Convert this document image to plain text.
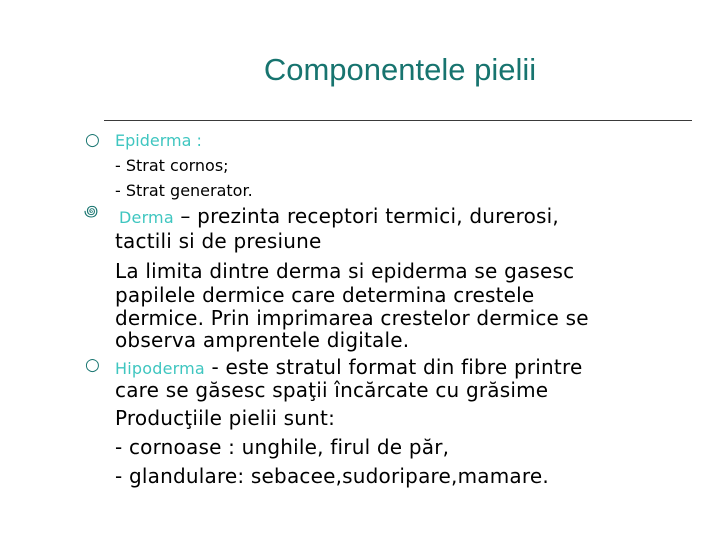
Componentele pielii
○ Epiderma :
- Strat cornos;
- Strat generator.
꩜ Derma – prezinta receptori termici, durerosi,
tactili si de presiune
La limita dintre derma si epiderma se gasesc
papilele dermice care determina crestele
dermice. Prin imprimarea crestelor dermice se
observa amprentele digitale.
○ Hipoderma - este stratul format din fibre printre
care se găsesc spaţii încărcate cu grăsime
Producţiile pielii sunt:
- cornoase : unghile, firul de păr,
- glandulare: sebacee,sudoripare,mamare.
